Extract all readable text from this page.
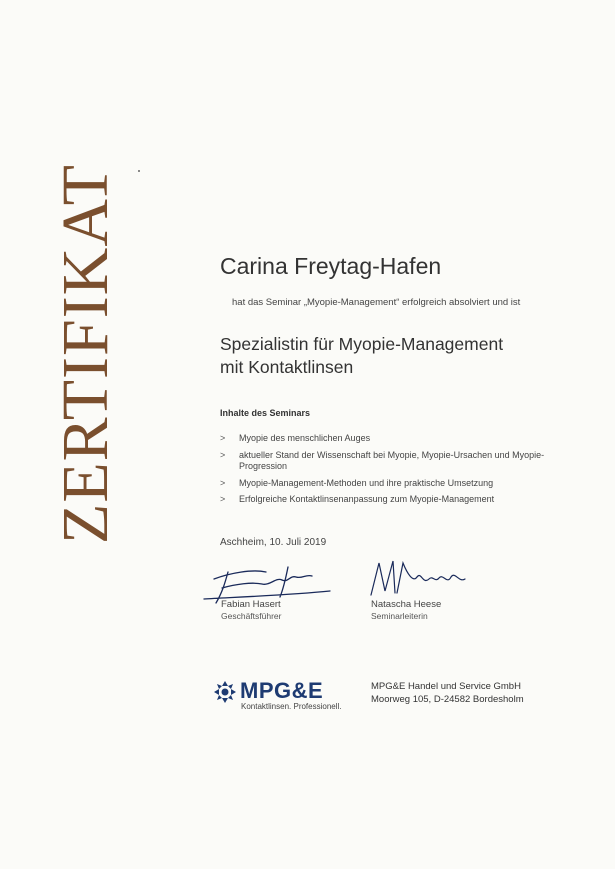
ZERTIFIKAT	Carina Freytag-Hafen
hat das Seminar „Myopie-Management“ erfolgreich absolviert und ist
Spezialistin für Myopie-Management
mit Kontaktlinsen
Inhalte des Seminars
> Myopie des menschlichen Auges
> aktueller Stand der Wissenschaft bei Myopie, Myopie-Ursachen und Myopie-Progression
> Myopie-Management-Methoden und ihre praktische Umsetzung
> Erfolgreiche Kontaktlinsenanpassung zum Myopie-Management
Aschheim, 10. Juli 2019
Fabian Hasert
Geschäftsführer
Natascha Heese
Seminarleiterin
MPG&E
Kontaktlinsen. Professionell.
MPG&E Handel und Service GmbH
Moorweg 105, D-24582 Bordesholm
